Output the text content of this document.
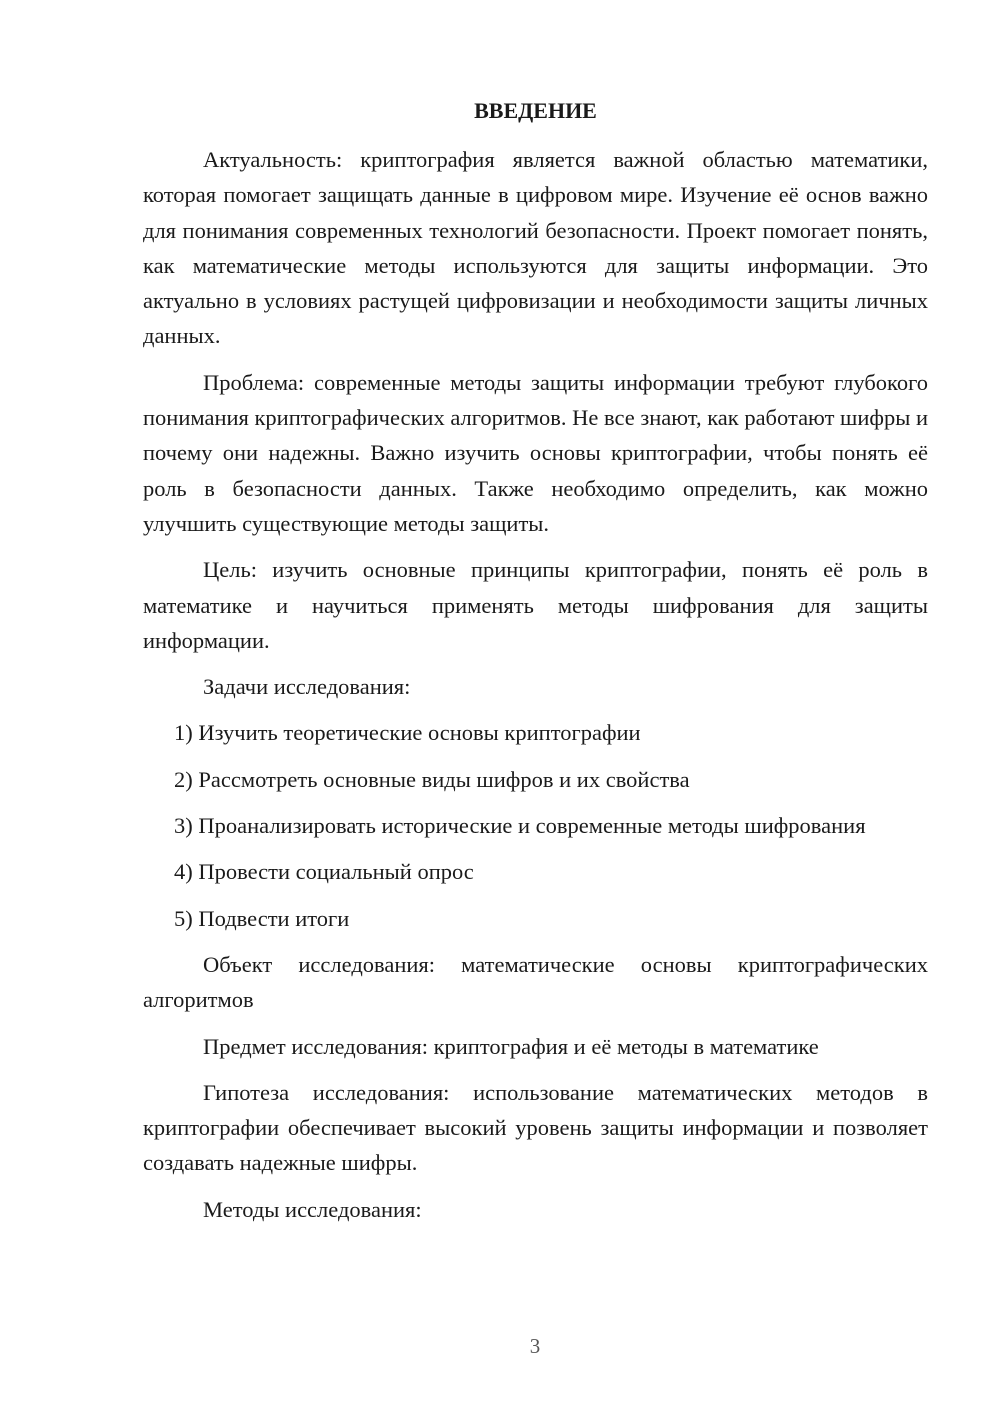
ВВЕДЕНИЕ

Актуальность: криптография является важной областью математики, которая помогает защищать данные в цифровом мире. Изучение её основ важно для понимания современных технологий безопасности. Проект помогает понять, как математические методы используются для защиты информации. Это актуально в условиях растущей цифровизации и необходимости защиты личных данных.

Проблема: современные методы защиты информации требуют глубокого понимания криптографических алгоритмов. Не все знают, как работают шифры и почему они надежны. Важно изучить основы криптографии, чтобы понять её роль в безопасности данных. Также необходимо определить, как можно улучшить существующие методы защиты.

Цель: изучить основные принципы криптографии, понять её роль в математике и научиться применять методы шифрования для защиты информации.

Задачи исследования:

1) Изучить теоретические основы криптографии

2) Рассмотреть основные виды шифров и их свойства

3) Проанализировать исторические и современные методы шифрования

4) Провести социальный опрос

5) Подвести итоги

Объект исследования: математические основы криптографических алгоритмов

Предмет исследования: криптография и её методы в математике

Гипотеза исследования: использование математических методов в криптографии обеспечивает высокий уровень защиты информации и позволяет создавать надежные шифры.

Методы исследования:

3
